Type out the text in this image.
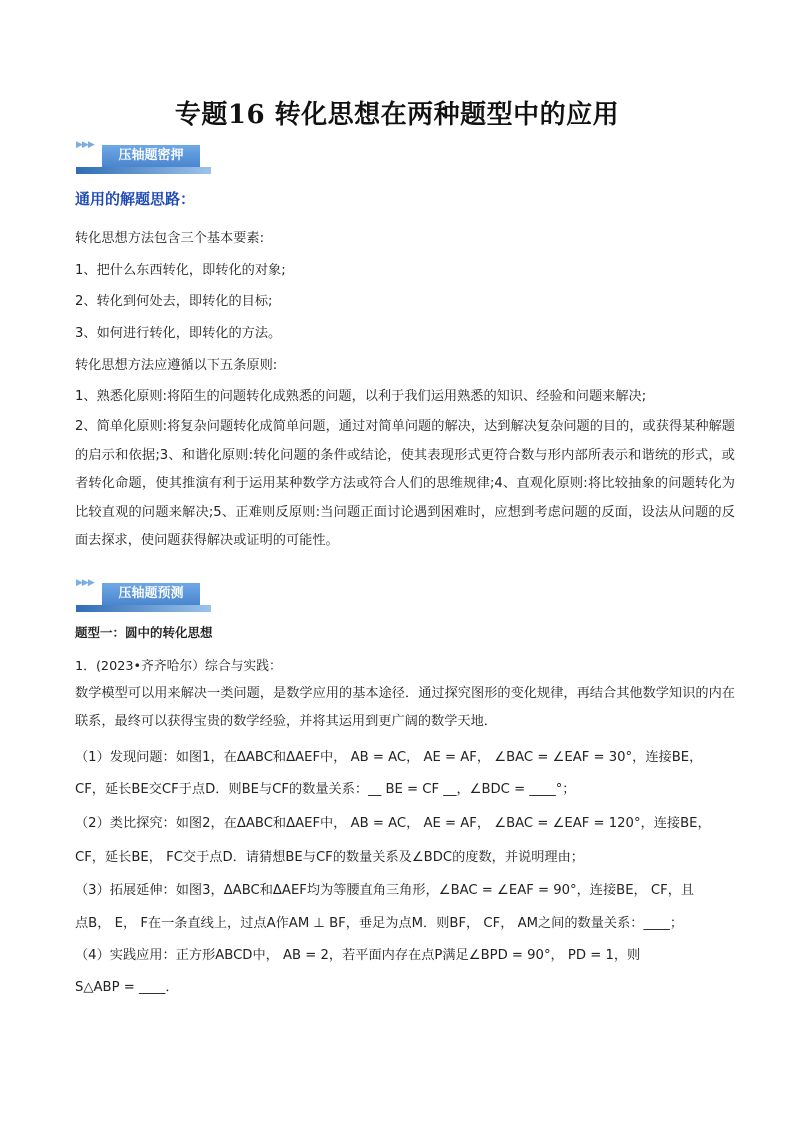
专题16 转化思想在两种题型中的应用
▶▶▶
压轴题密押
通用的解题思路：
转化思想方法包含三个基本要素:
1、把什么东西转化，即转化的对象;
2、转化到何处去，即转化的目标;
3、如何进行转化，即转化的方法。
转化思想方法应遵循以下五条原则:
1、熟悉化原则:将陌生的问题转化成熟悉的问题，以利于我们运用熟悉的知识、经验和问题来解决;
2、简单化原则:将复杂问题转化成简单问题，通过对简单问题的解决，达到解决复杂问题的目的，或获得某种解题的启示和依据;3、和谐化原则:转化问题的条件或结论，使其表现形式更符合数与形内部所表示和谐统的形式，或者转化命题，使其推演有利于运用某种数学方法或符合人们的思维规律;4、直观化原则:将比较抽象的问题转化为比较直观的问题来解决;5、正难则反原则:当问题正面讨论遇到困难时，应想到考虑问题的反面，设法从问题的反面去探求，使问题获得解决或证明的可能性。
▶▶▶
压轴题预测
题型一：圆中的转化思想
1．(2023•齐齐哈尔）综合与实践：
数学模型可以用来解决一类问题，是数学应用的基本途径．通过探究图形的变化规律，再结合其他数学知识的内在联系，最终可以获得宝贵的数学经验，并将其运用到更广阔的数学天地．
（1）发现问题：如图1，在ΔABC和ΔAEF中， AB = AC， AE = AF， ∠BAC = ∠EAF = 30°，连接BE，
CF，延长BE交CF于点D．则BE与CF的数量关系：__ BE = CF __，∠BDC = ____°；
（2）类比探究：如图2，在ΔABC和ΔAEF中， AB = AC， AE = AF， ∠BAC = ∠EAF = 120°，连接BE，
CF，延长BE， FC交于点D．请猜想BE与CF的数量关系及∠BDC的度数，并说明理由；
（3）拓展延伸：如图3，ΔABC和ΔAEF均为等腰直角三角形，∠BAC = ∠EAF = 90°，连接BE， CF，且
点B， E， F在一条直线上，过点A作AM ⊥ BF，垂足为点M．则BF， CF， AM之间的数量关系：____；
（4）实践应用：正方形ABCD中， AB = 2，若平面内存在点P满足∠BPD = 90°， PD = 1，则
S△ABP = ____．
